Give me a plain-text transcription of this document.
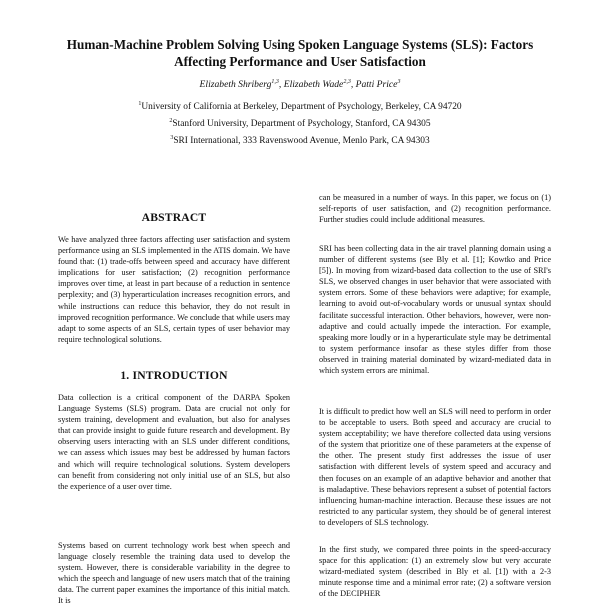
Human-Machine Problem Solving Using Spoken Language Systems (SLS): Factors
Affecting Performance and User Satisfaction
Elizabeth Shriberg$^{1,3}$, Elizabeth Wade$^{2,3}$, Patti Price$^3$
$^1$University of California at Berkeley, Department of Psychology, Berkeley, CA 94720
$^2$Stanford University, Department of Psychology, Stanford, CA 94305
$^3$SRI International, 333 Ravenswood Avenue, Menlo Park, CA 94303
ABSTRACT

We have analyzed three factors affecting user satisfaction and system performance using an SLS implemented in the ATIS domain. We have found that: (1) trade-offs between speed and accuracy have different implications for user satisfaction; (2) recognition performance improves over time, at least in part because of a reduction in sentence perplexity; and (3) hyperarticulation increases recognition errors, and while instructions can reduce this behavior, they do not result in improved recognition performance. We conclude that while users may adapt to some aspects of an SLS, certain types of user behavior may require technological solutions.

1. INTRODUCTION

Data collection is a critical component of the DARPA Spoken Language Systems (SLS) program. Data are crucial not only for system training, development and evaluation, but also for analyses that can provide insight to guide future research and development. By observing users interacting with an SLS under different conditions, we can assess which issues may best be addressed by human factors and which will require technological solutions. System developers can benefit from considering not only initial use of an SLS, but also the experience of a user over time.

Systems based on current technology work best when speech and language closely resemble the training data used to develop the system. However, there is considerable variability in the degree to which the speech and language of new users match that of the training data. The current paper examines the importance of this initial match. It is

can be measured in a number of ways. In this paper, we focus on (1) self-reports of user satisfaction, and (2) recognition performance. Further studies could include additional measures.

SRI has been collecting data in the air travel planning domain using a number of different systems (see Bly et al. [1]; Kowtko and Price [5]). In moving from wizard-based data collection to the use of SRI's SLS, we observed changes in user behavior that were associated with system errors. Some of these behaviors were adaptive; for example, learning to avoid out-of-vocabulary words or unusual syntax should facilitate successful interaction. Other behaviors, however, were non-adaptive and could actually impede the interaction. For example, speaking more loudly or in a hyperarticulate style may be detrimental to system performance insofar as these styles differ from those observed in training material dominated by wizard-mediated data in which system errors are minimal.

It is difficult to predict how well an SLS will need to perform in order to be acceptable to users. Both speed and accuracy are crucial to system acceptability; we have therefore collected data using versions of the system that prioritize one of these parameters at the expense of the other. The present study first addresses the issue of user satisfaction with different levels of system speed and accuracy and then focuses on an example of an adaptive behavior and another that is maladaptive. These behaviors represent a subset of potential factors influencing human-machine interaction. Because these issues are not restricted to any particular system, they should be of general interest to developers of SLS technology.

In the first study, we compared three points in the speed-accuracy space for this application: (1) an extremely slow but very accurate wizard-mediated system (described in Bly et al. [1]) with a 2-3 minute response time and a minimal error rate; (2) a software version of the DECIPHER
